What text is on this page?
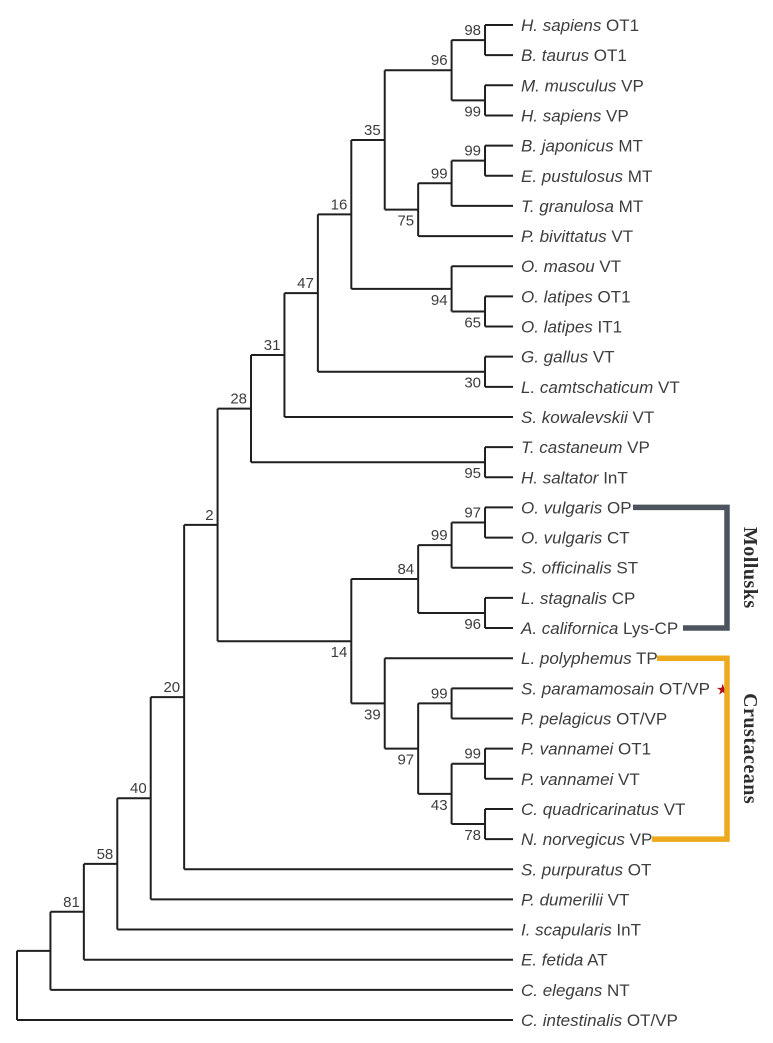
81
58
40
20
2
28
31
47
16
35
96
98 H. sapiens OT1
B. taurus OT1
99
M. musculus VP
H. sapiens VP
75
99
99 B. japonicus MT
E. pustulosus MT
T. granulosa MT
P. bivittatus VT
94
O. masou VT
65
O. latipes OT1
O. latipes IT1
30
G. gallus VT
L. camtschaticum VT
S. kowalevskii VT
95
T. castaneum VP
H. saltator InT
14
84
99
97 O. vulgaris OP
O. vulgaris CT
S. officinalis ST
96
L. stagnalis CP
A. californica Lys-CP
39
L. polyphemus TP
97
99	S. paramamosain OT/VP ★
P. pelagicus OT/VP
43
99 P. vannamei OT1
P. vannamei VT
78
C. quadricarinatus VT
N. norvegicus VP
S. purpuratus OT
P. dumerilii VT
I. scapularis InT
E. fetida AT
C. elegans NT
C. intestinalis OT/VP
Mollusks
Crustaceans
